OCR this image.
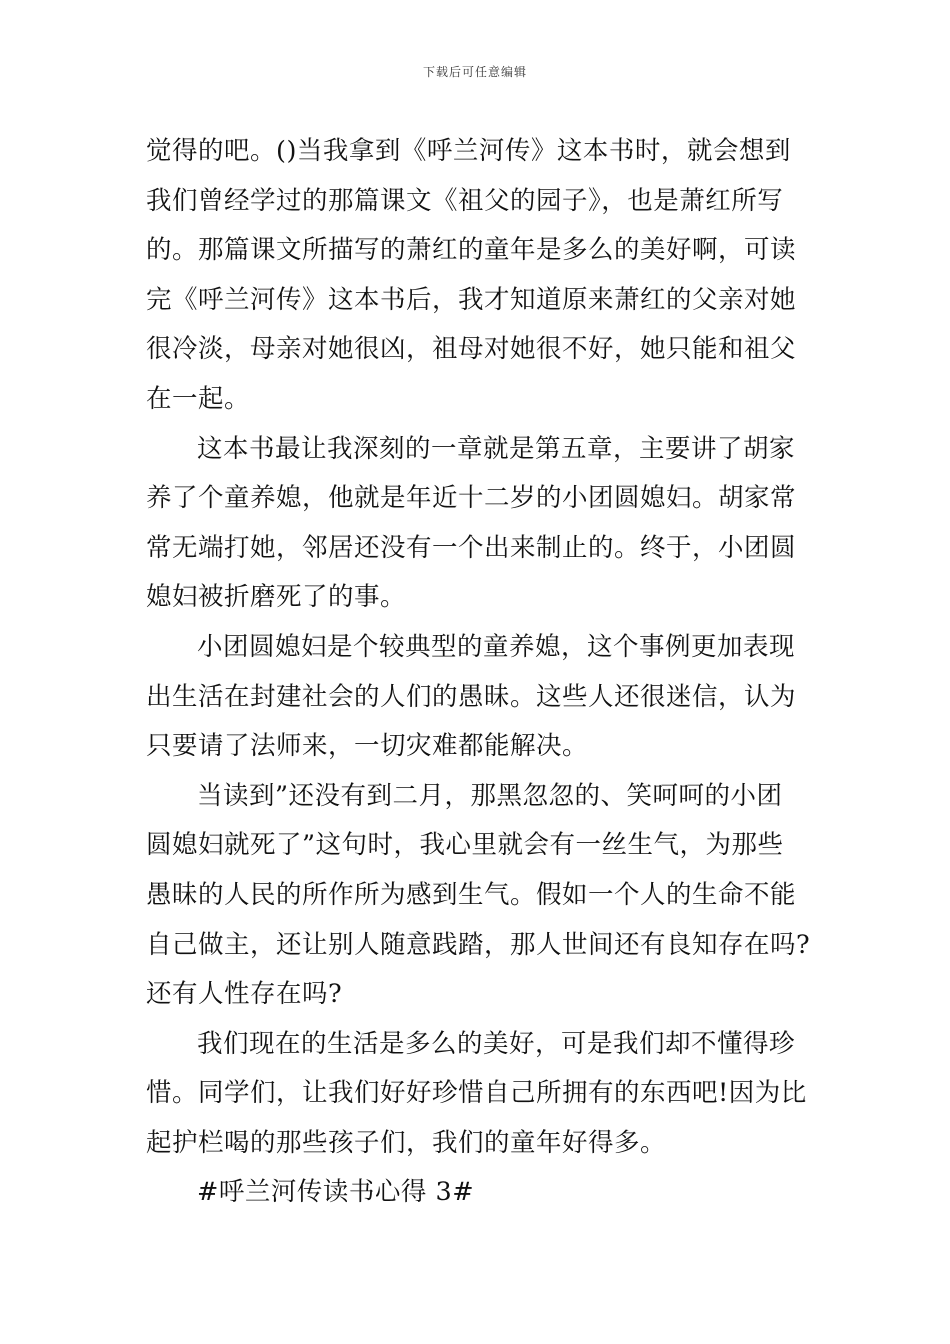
下载后可任意编辑
觉得的吧。()当我拿到《呼兰河传》这本书时，就会想到
我们曾经学过的那篇课文《祖父的园子》，也是萧红所写
的。那篇课文所描写的萧红的童年是多么的美好啊，可读
完《呼兰河传》这本书后，我才知道原来萧红的父亲对她
很冷淡，母亲对她很凶，祖母对她很不好，她只能和祖父
在一起。
这本书最让我深刻的一章就是第五章，主要讲了胡家
养了个童养媳，他就是年近十二岁的小团圆媳妇。胡家常
常无端打她，邻居还没有一个出来制止的。终于，小团圆
媳妇被折磨死了的事。
小团圆媳妇是个较典型的童养媳，这个事例更加表现
出生活在封建社会的人们的愚昧。这些人还很迷信，认为
只要请了法师来，一切灾难都能解决。
当读到”还没有到二月，那黑忽忽的、笑呵呵的小团
圆媳妇就死了”这句时，我心里就会有一丝生气，为那些
愚昧的人民的所作所为感到生气。假如一个人的生命不能
自己做主，还让别人随意践踏，那人世间还有良知存在吗?
还有人性存在吗?
我们现在的生活是多么的美好，可是我们却不懂得珍
惜。同学们，让我们好好珍惜自己所拥有的东西吧!因为比
起护栏喝的那些孩子们，我们的童年好得多。
#呼兰河传读书心得 3#
